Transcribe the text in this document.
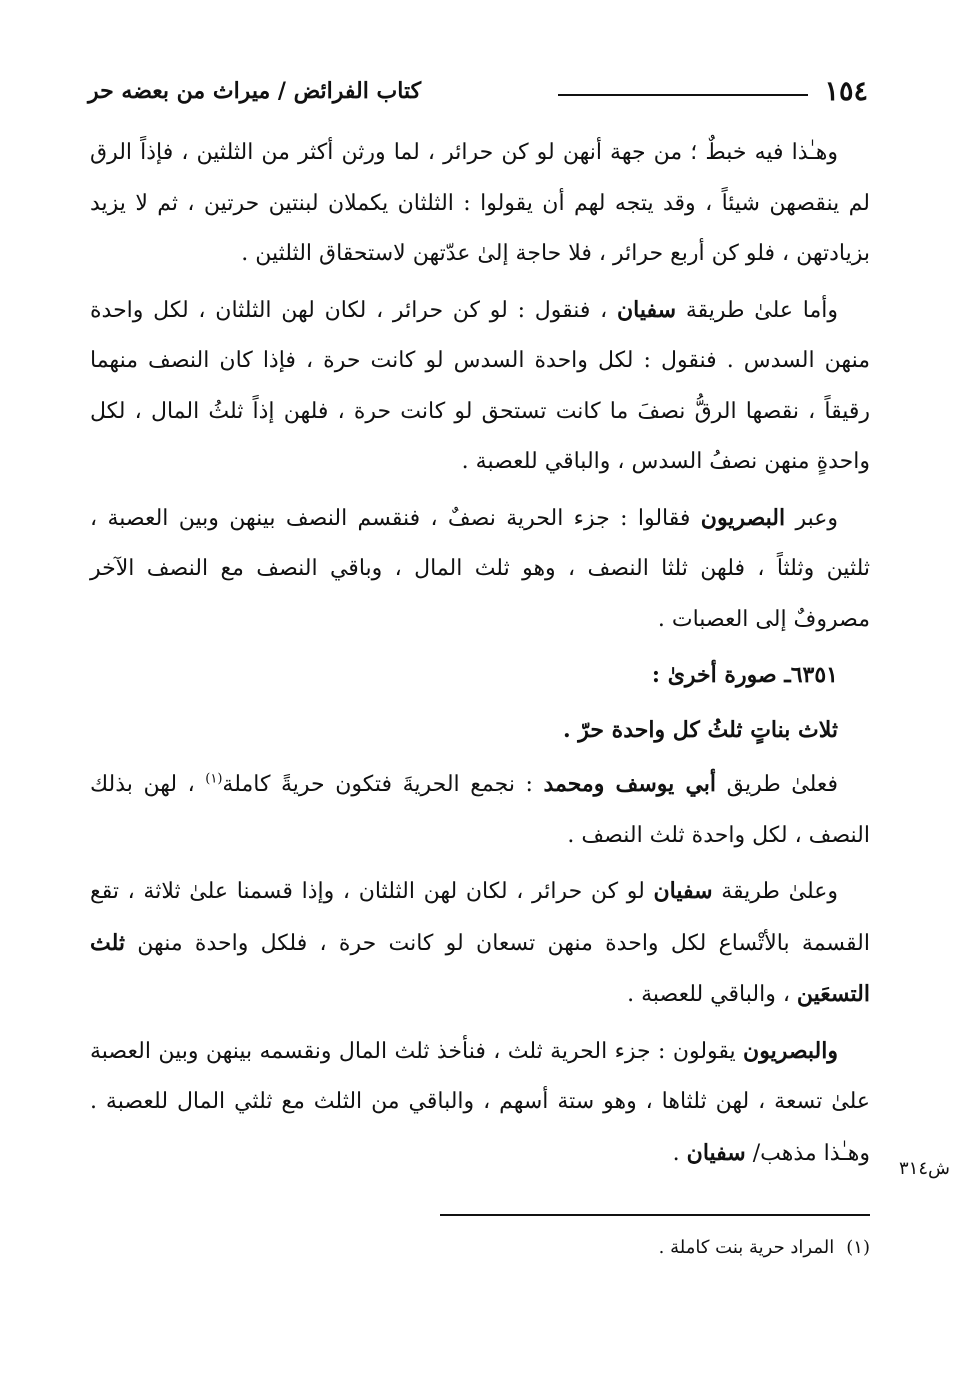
١٥٤
كتاب الفرائض / ميراث من بعضه حر

وهـٰذا فيه خبطٌ ؛ من جهة أنهن لو كن حرائر ، لما ورثن أكثر من الثلثين ، فإذاً الرق لم ينقصهن شيئاً ، وقد يتجه لهم أن يقولوا : الثلثان يكملان لبنتين حرتين ، ثم لا يزيد بزيادتهن ، فلو كن أربع حرائر ، فلا حاجة إلىٰ عدّتهن لاستحقاق الثلثين .

وأما علىٰ طريقة سفيان ، فنقول : لو كن حرائر ، لكان لهن الثلثان ، لكل واحدة منهن السدس . فنقول : لكل واحدة السدس لو كانت حرة ، فإذا كان النصف منهما رقيقاً ، نقصها الرقُّ نصفَ ما كانت تستحق لو كانت حرة ، فلهن إذاً ثلثُ المال ، لكل واحدةٍ منهن نصفُ السدس ، والباقي للعصبة .

وعبر البصريون فقالوا : جزء الحرية نصفٌ ، فنقسم النصف بينهن وبين العصبة ، ثلثين وثلثاً ، فلهن ثلثا النصف ، وهو ثلث المال ، وباقي النصف مع النصف الآخر مصروفٌ إلى العصبات .

٦٣٥١ـ صورة أخرىٰ :

ثلاث بناتٍ ثلثُ كل واحدة حرّ .

فعلىٰ طريق أبي يوسف ومحمد : نجمع الحريةَ فتكون حريةً كاملة$^{(١)}$ ، لهن بذلك النصف ، لكل واحدة ثلث النصف .

وعلىٰ طريقة سفيان لو كن حرائر ، لكان لهن الثلثان ، وإذا قسمنا علىٰ ثلاثة ، تقع القسمة بالأتْساع لكل واحدة منهن تسعان لو كانت حرة ، فلكل واحدة منهن ثلث التسعَين ، والباقي للعصبة .

والبصريون يقولون : جزء الحرية ثلث ، فنأخذ ثلث المال ونقسمه بينهن وبين العصبة علىٰ تسعة ، لهن ثلثاها ، وهو ستة أسهم ، والباقي من الثلث مع ثلثي المال للعصبة . وهـٰذا مذهب/ سفيان .

ش٣١٤
(١)المراد حرية بنت كاملة .
